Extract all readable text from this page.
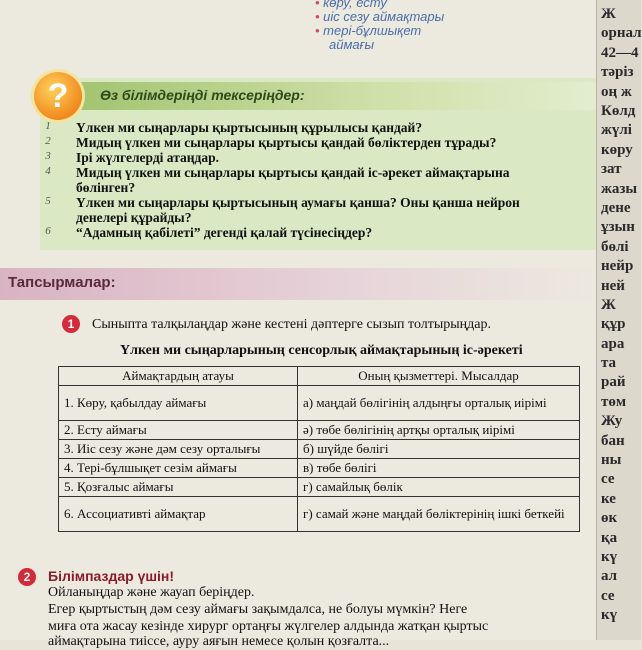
• көру, есту
• иіс сезу аймақтары
• тері-бұлшықет
аймағы
?	Өз білімдеріңді тексеріңдер:
1	Үлкен ми сыңарлары қыртысының құрылысы қандай?
2	Мидың үлкен ми сыңарлары қыртысы қандай бөліктерден тұрады?
3	Ірі жүлгелерді атаңдар.
4	Мидың үлкен ми сыңарлары қыртысы қандай іс-әрекет аймақтарына
бөлінген?
5	Үлкен ми сыңарлары қыртысының аумағы қанша? Оны қанша нейрон
денелері құрайды?
6	“Адамның қабілеті” дегенді қалай түсінесіңдер?
Тапсырмалар:
1	Сыныпта талқылаңдар және кестені дәптерге сызып толтырыңдар.
Үлкен ми сыңарларының сенсорлық аймақтарының іс-әрекеті
Аймақтардың атауы	Оның қызметтері. Мысалдар
1. Көру, қабылдау аймағы	а) маңдай бөлігінің алдыңғы орталық иірімі
2. Есту аймағы	ә) төбе бөлігінің артқы орталық иірімі
3. Иіс сезу және дәм сезу орталығы	б) шүйде бөлігі
4. Тері-бұлшықет сезім аймағы	в) төбе бөлігі
5. Қозғалыс аймағы	г) самайлық бөлік
6. Ассоциативті аймақтар	г) самай және маңдай бөліктерінің ішкі беткейі
2	Білімпаздар үшін!
Ойланыңдар және жауап беріңдер.
Егер қыртыстың дәм сезу аймағы зақымдалса, не болуы мүмкін? Неге
миға ота жасау кезінде хирург ортаңғы жүлгелер алдында жатқан қыртыс
аймақтарына тиіссе, ауру аяғын немесе қолын қозғалта...
Ж
орнал
42—4
тәріз
оң ж
Көлд
жүлі
көру
зат
жазы
дене
ұзын
бөлі
нейр
ней
Ж
құр
ара
та
рай
төм
Жу
бан
ны
се
ке
өк
қа
кү
ал
се
кү
